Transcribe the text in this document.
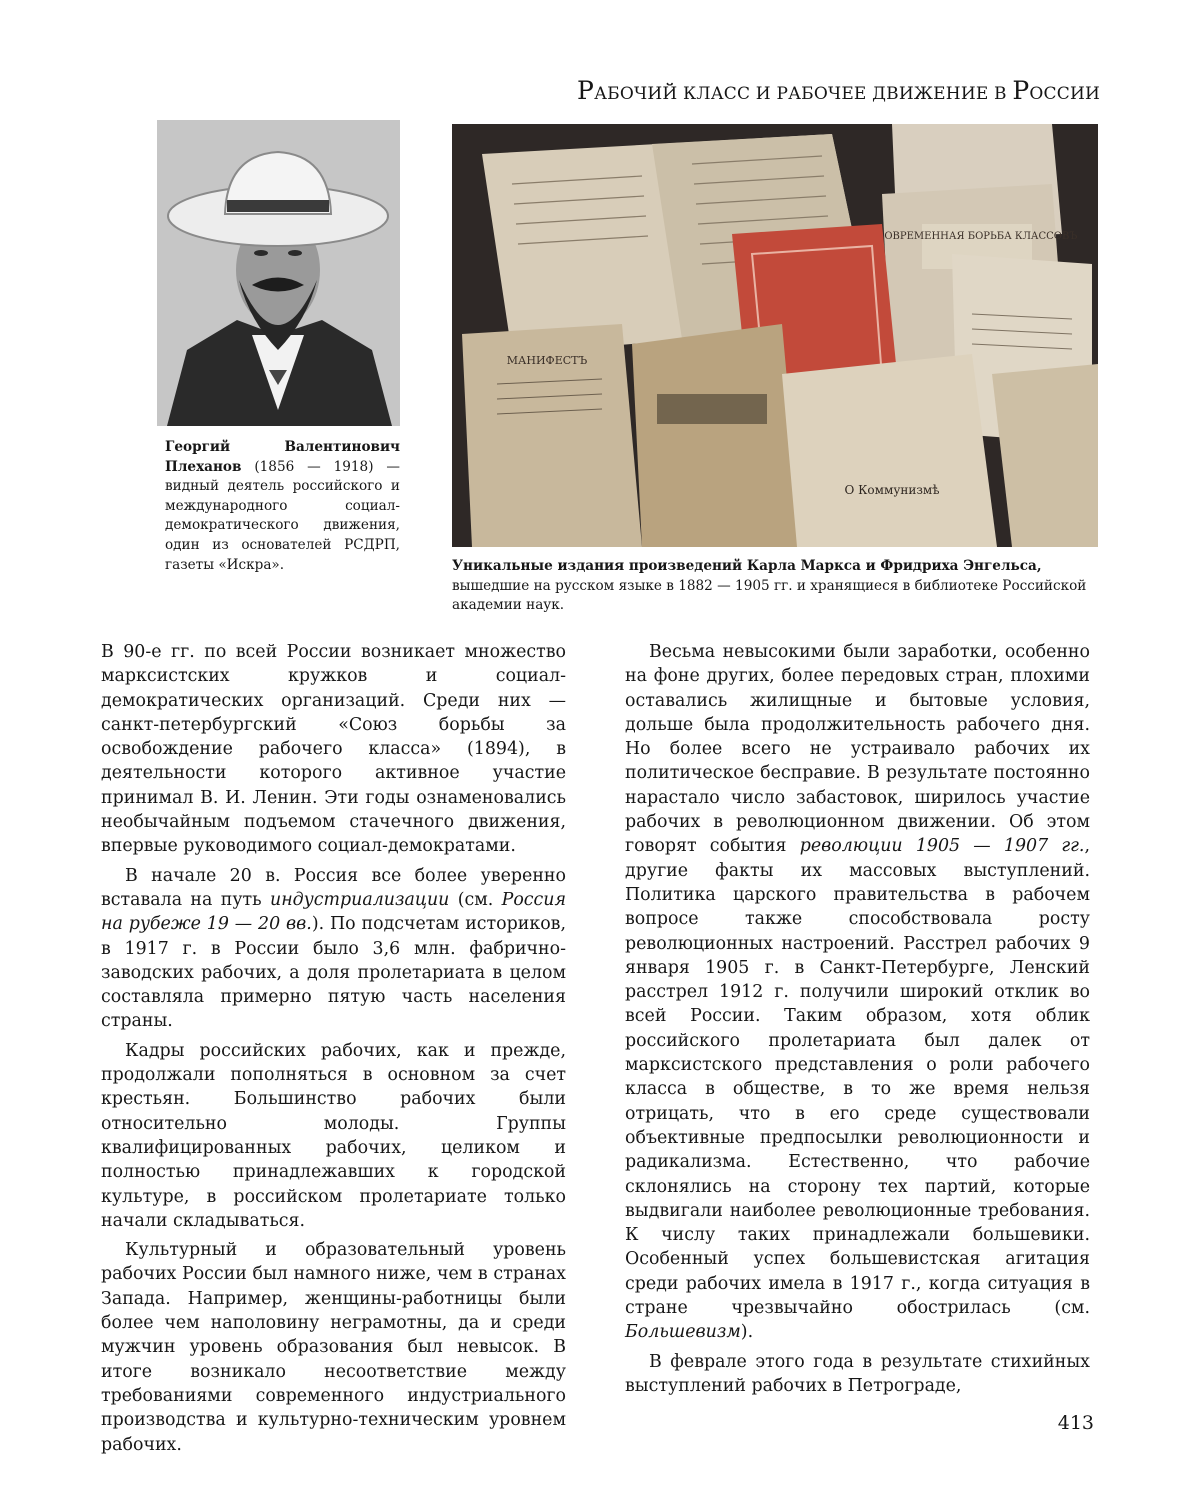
РАБОЧИЙ КЛАСС И РАБОЧЕЕ ДВИЖЕНИЕ В РОССИИ
СОВРЕМЕННАЯ БОРЬБА КЛАССОВЪ
МАНИФЕСТЪ
О Коммунизмѣ
Георгий Валентинович Плеханов (1856 — 1918) — видный деятель российского и международного социал-демократического движения, один из основателей РСДРП, газеты «Искра».	Уникальные издания произведений Карла Маркса и Фридриха Энгельса, вышедшие на русском языке в 1882 — 1905 гг. и хранящиеся в библиотеке Российской академии наук.

В 90-е гг. по всей России возникает множество марксистских кружков и социал-демократических организаций. Среди них — санкт-петербургский «Союз борьбы за освобождение рабочего класса» (1894), в деятельности которого активное участие принимал В. И. Ленин. Эти годы ознаменовались необычайным подъемом стачечного движения, впервые руководимого социал-демократами.

В начале 20 в. Россия все более уверенно вставала на путь индустриализации (см. Россия на рубеже 19 — 20 вв.). По подсчетам историков, в 1917 г. в России было 3,6 млн. фабрично-заводских рабочих, а доля пролетариата в целом составляла примерно пятую часть населения страны.

Кадры российских рабочих, как и прежде, продолжали пополняться в основном за счет крестьян. Большинство рабочих были относительно молоды. Группы квалифицированных рабочих, целиком и полностью принадлежавших к городской культуре, в российском пролетариате только начали складываться.

Культурный и образовательный уровень рабочих России был намного ниже, чем в странах Запада. Например, женщины-работницы были более чем наполовину неграмотны, да и среди мужчин уровень образования был невысок. В итоге возникало несоответствие между требованиями современного индустриального производства и культурно-техническим уровнем рабочих.

Весьма невысокими были заработки, особенно на фоне других, более передовых стран, плохими оставались жилищные и бытовые условия, дольше была продолжительность рабочего дня. Но более всего не устраивало рабочих их политическое бесправие. В результате постоянно нарастало число забастовок, ширилось участие рабочих в революционном движении. Об этом говорят события революции 1905 — 1907 гг., другие факты их массовых выступлений. Политика царского правительства в рабочем вопросе также способствовала росту революционных настроений. Расстрел рабочих 9 января 1905 г. в Санкт-Петербурге, Ленский расстрел 1912 г. получили широкий отклик во всей России. Таким образом, хотя облик российского пролетариата был далек от марксистского представления о роли рабочего класса в обществе, в то же время нельзя отрицать, что в его среде существовали объективные предпосылки революционности и радикализма. Естественно, что рабочие склонялись на сторону тех партий, которые выдвигали наиболее революционные требования. К числу таких принадлежали большевики. Особенный успех большевистская агитация среди рабочих имела в 1917 г., когда ситуация в стране чрезвычайно обострилась (см. Большевизм).

В феврале этого года в результате стихийных выступлений рабочих в Петрограде,

413
